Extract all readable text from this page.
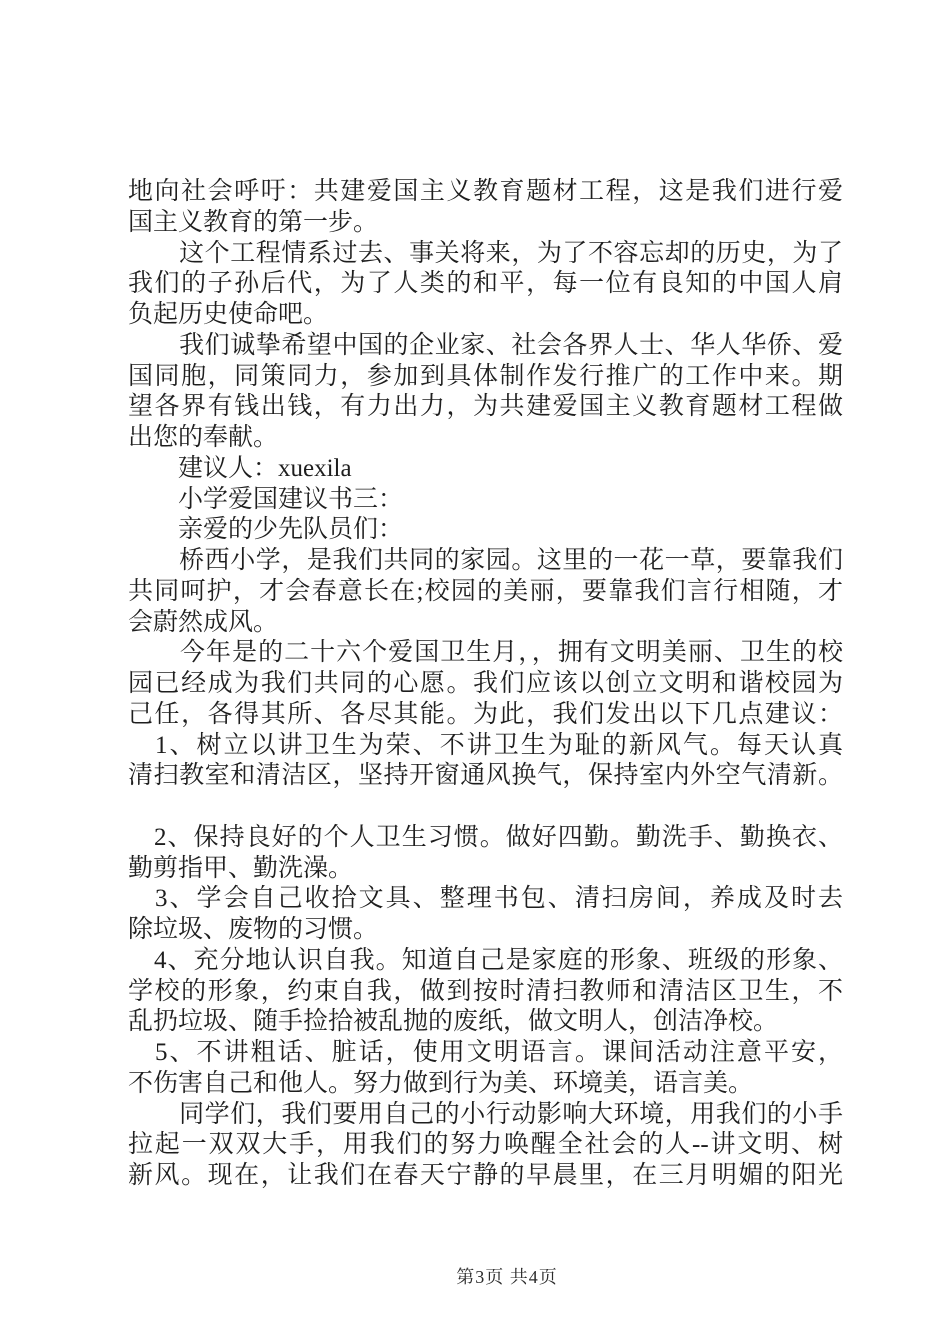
地向社会呼吁：共建爱国主义教育题材工程，这是我们进行爱
国主义教育的第一步。
　　这个工程情系过去、事关将来，为了不容忘却的历史，为了
我们的子孙后代，为了人类的和平，每一位有良知的中国人肩
负起历史使命吧。
　　我们诚挚希望中国的企业家、社会各界人士、华人华侨、爱
国同胞，同策同力，参加到具体制作发行推广的工作中来。期
望各界有钱出钱，有力出力，为共建爱国主义教育题材工程做
出您的奉献。
　　建议人：xuexila
　　小学爱国建议书三：
　　亲爱的少先队员们：
　　桥西小学，是我们共同的家园。这里的一花一草，要靠我们
共同呵护，才会春意长在;校园的美丽，要靠我们言行相随，才
会蔚然成风。
　　今年是的二十六个爱国卫生月，，拥有文明美丽、卫生的校
园已经成为我们共同的心愿。我们应该以创立文明和谐校园为
己任，各得其所、各尽其能。为此，我们发出以下几点建议：
　1、树立以讲卫生为荣、不讲卫生为耻的新风气。每天认真
清扫教室和清洁区，坚持开窗通风换气，保持室内外空气清新。
　2、保持良好的个人卫生习惯。做好四勤。勤洗手、勤换衣、
勤剪指甲、勤洗澡。
　3、学会自己收拾文具、整理书包、清扫房间，养成及时去
除垃圾、废物的习惯。
　4、充分地认识自我。知道自己是家庭的形象、班级的形象、
学校的形象，约束自我，做到按时清扫教师和清洁区卫生，不
乱扔垃圾、随手捡拾被乱抛的废纸，做文明人，创洁净校。
　5、不讲粗话、脏话，使用文明语言。课间活动注意平安，
不伤害自己和他人。努力做到行为美、环境美，语言美。
　　同学们，我们要用自己的小行动影响大环境，用我们的小手
拉起一双双大手，用我们的努力唤醒全社会的人--讲文明、树
新风。现在，让我们在春天宁静的早晨里，在三月明媚的阳光

第3页 共4页
